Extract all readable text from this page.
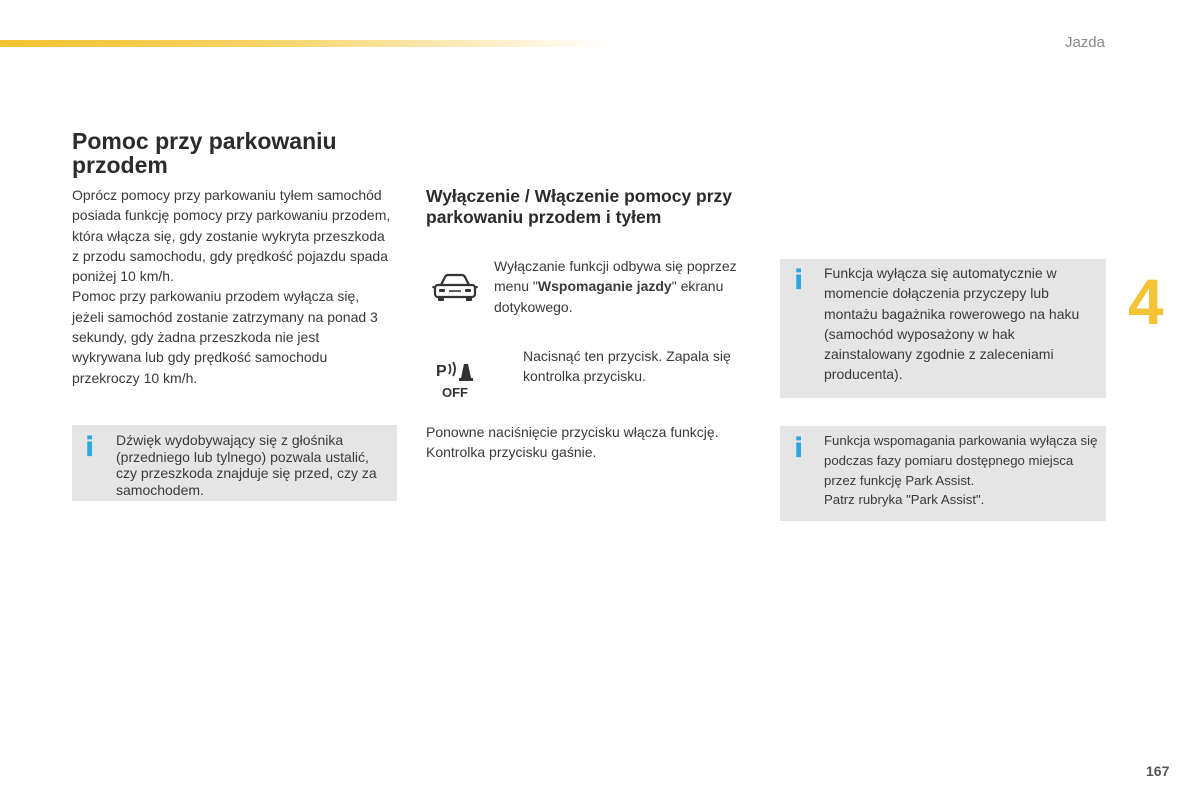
Jazda
4
167
Pomoc przy parkowaniu przodem

Oprócz pomocy przy parkowaniu tyłem samochód posiada funkcję pomocy przy parkowaniu przodem, która włącza się, gdy zostanie wykryta przeszkoda z przodu samochodu, gdy prędkość pojazdu spada poniżej 10 km/h.

Pomoc przy parkowaniu przodem wyłącza się, jeżeli samochód zostanie zatrzymany na ponad 3 sekundy, gdy żadna przeszkoda nie jest wykrywana lub gdy prędkość samochodu przekroczy 10 km/h.

i Dźwięk wydobywający się z głośnika (przedniego lub tylnego) pozwala ustalić, czy przeszkoda znajduje się przed, czy za samochodem.

Wyłączenie / Włączenie pomocy przy parkowaniu przodem i tyłem

Wyłączanie funkcji odbywa się poprzez menu "Wspomaganie jazdy" ekranu dotykowego.

P
OFF

Nacisnąć ten przycisk. Zapala się kontrolka przycisku.

Ponowne naciśnięcie przycisku włącza funkcję. Kontrolka przycisku gaśnie.

i Funkcja wyłącza się automatycznie w momencie dołączenia przyczepy lub montażu bagażnika rowerowego na haku (samochód wyposażony w hak zainstalowany zgodnie z zaleceniami producenta).

i Funkcja wspomagania parkowania wyłącza się podczas fazy pomiaru dostępnego miejsca przez funkcję Park Assist.
Patrz rubryka "Park Assist".
